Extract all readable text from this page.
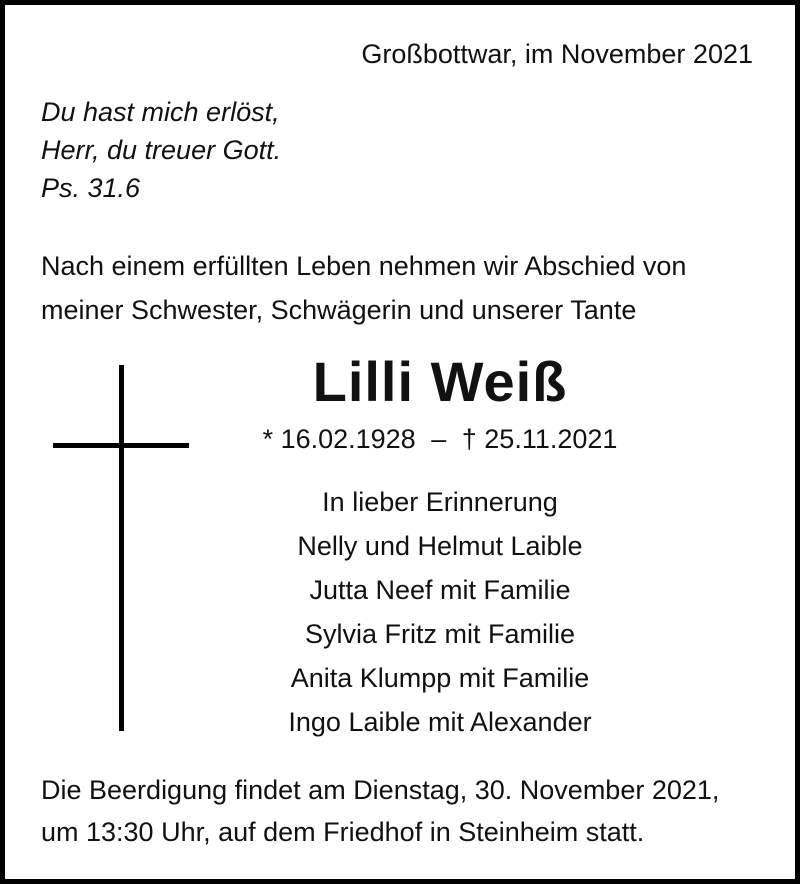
Großbottwar, im November 2021
Du hast mich erlöst,
Herr, du treuer Gott.
Ps. 31.6
Nach einem erfüllten Leben nehmen wir Abschied von
meiner Schwester, Schwägerin und unserer Tante
Lilli Weiß
* 16.02.1928 – † 25.11.2021
In lieber Erinnerung
Nelly und Helmut Laible
Jutta Neef mit Familie
Sylvia Fritz mit Familie
Anita Klumpp mit Familie
Ingo Laible mit Alexander
Die Beerdigung findet am Dienstag, 30. November 2021,
um 13:30 Uhr, auf dem Friedhof in Steinheim statt.
